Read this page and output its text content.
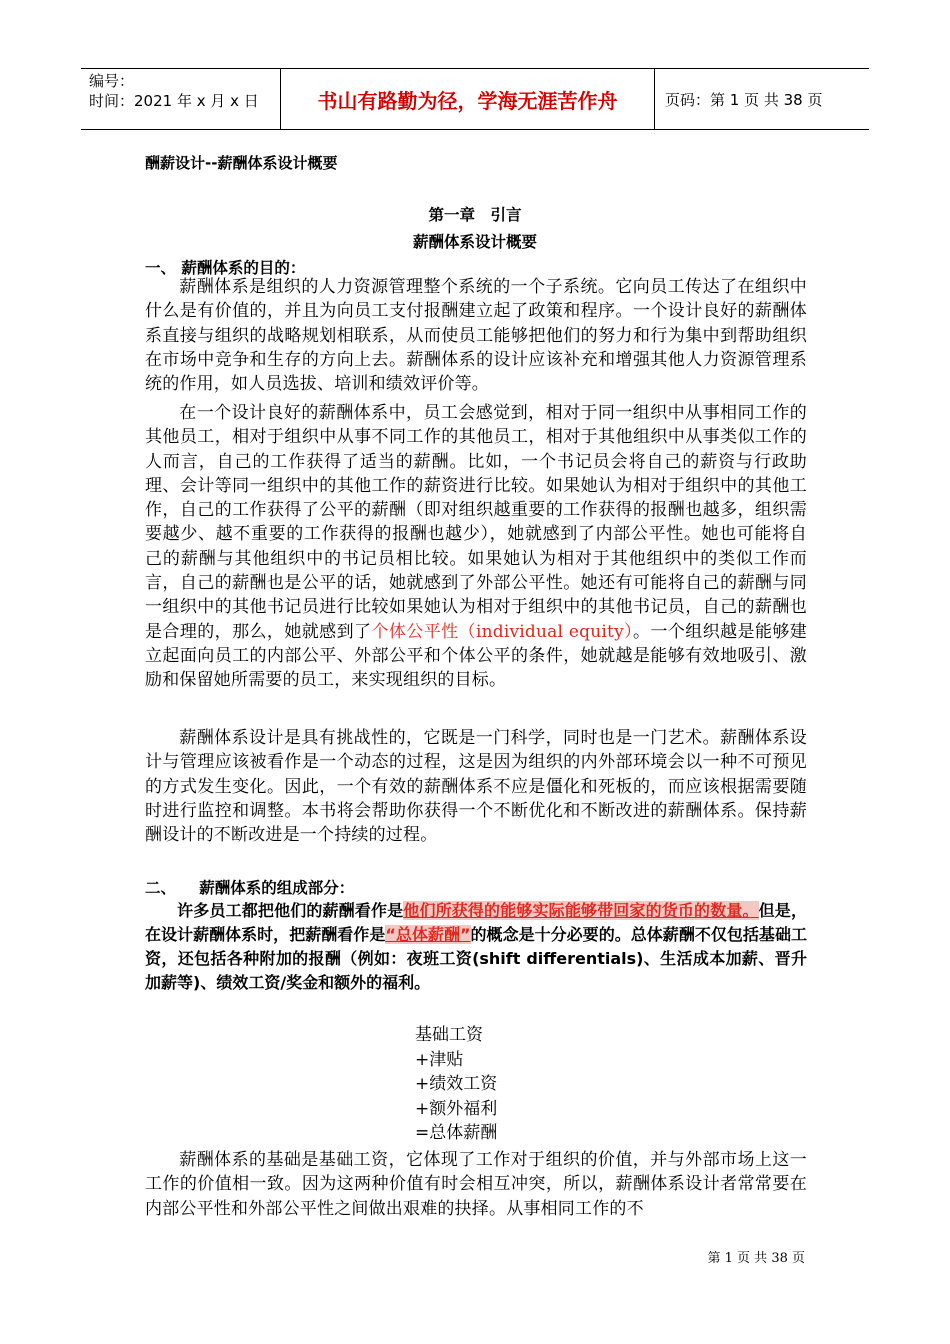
编号：
时间：2021 年 x 月 x 日	书山有路勤为径，学海无涯苦作舟	页码：第 1 页 共 38 页
酬薪设计--薪酬体系设计概要
第一章　引言
薪酬体系设计概要
一、 薪酬体系的目的：
薪酬体系是组织的人力资源管理整个系统的一个子系统。它向员工传达了在组织中什么是有价值的，并且为向员工支付报酬建立起了政策和程序。一个设计良好的薪酬体系直接与组织的战略规划相联系，从而使员工能够把他们的努力和行为集中到帮助组织在市场中竞争和生存的方向上去。薪酬体系的设计应该补充和增强其他人力资源管理系统的作用，如人员选拔、培训和绩效评价等。
在一个设计良好的薪酬体系中，员工会感觉到，相对于同一组织中从事相同工作的其他员工，相对于组织中从事不同工作的其他员工，相对于其他组织中从事类似工作的人而言，自己的工作获得了适当的薪酬。比如，一个书记员会将自己的薪资与行政助理、会计等同一组织中的其他工作的薪资进行比较。如果她认为相对于组织中的其他工作，自己的工作获得了公平的薪酬（即对组织越重要的工作获得的报酬也越多，组织需要越少、越不重要的工作获得的报酬也越少），她就感到了内部公平性。她也可能将自己的薪酬与其他组织中的书记员相比较。如果她认为相对于其他组织中的类似工作而言，自己的薪酬也是公平的话，她就感到了外部公平性。她还有可能将自己的薪酬与同一组织中的其他书记员进行比较如果她认为相对于组织中的其他书记员，自己的薪酬也是合理的，那么，她就感到了个体公平性（individual equity）。一个组织越是能够建立起面向员工的内部公平、外部公平和个体公平的条件，她就越是能够有效地吸引、激励和保留她所需要的员工，来实现组织的目标。
薪酬体系设计是具有挑战性的，它既是一门科学，同时也是一门艺术。薪酬体系设计与管理应该被看作是一个动态的过程，这是因为组织的内外部环境会以一种不可预见的方式发生变化。因此，一个有效的薪酬体系不应是僵化和死板的，而应该根据需要随时进行监控和调整。本书将会帮助你获得一个不断优化和不断改进的薪酬体系。保持薪酬设计的不断改进是一个持续的过程。
二、　　薪酬体系的组成部分：
许多员工都把他们的薪酬看作是他们所获得的能够实际能够带回家的货币的数量。但是，在设计薪酬体系时，把薪酬看作是“总体薪酬”的概念是十分必要的。总体薪酬不仅包括基础工资，还包括各种附加的报酬（例如：夜班工资(shift differentials)、生活成本加薪、晋升加薪等)、绩效工资/奖金和额外的福利。
基础工资
+津贴
+绩效工资
+额外福利
=总体薪酬
薪酬体系的基础是基础工资，它体现了工作对于组织的价值，并与外部市场上这一工作的价值相一致。因为这两种价值有时会相互冲突，所以，薪酬体系设计者常常要在内部公平性和外部公平性之间做出艰难的抉择。从事相同工作的不
第 1 页 共 38 页
